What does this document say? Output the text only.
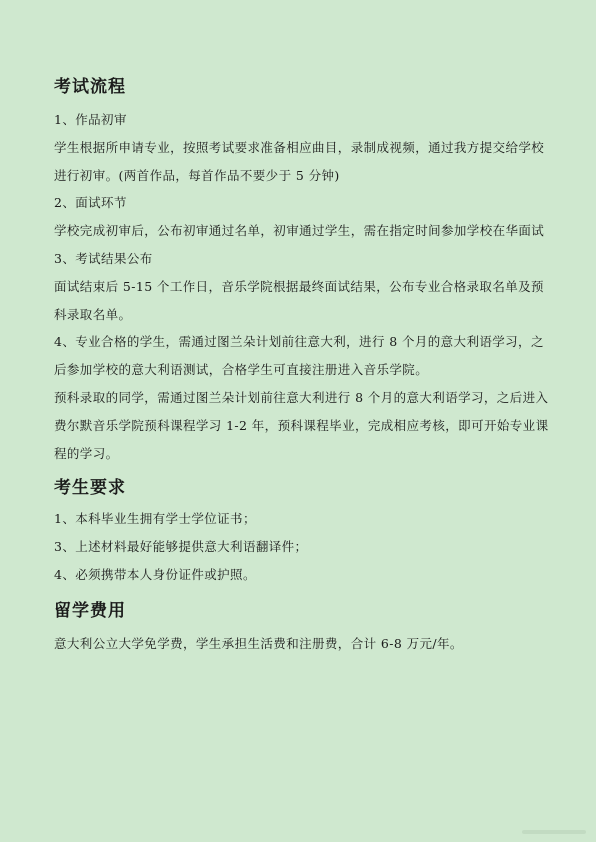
考试流程

1、作品初审

学生根据所申请专业，按照考试要求准备相应曲目，录制成视频，通过我方提交给学校进行初审。(两首作品，每首作品不要少于 5 分钟)

2、面试环节

学校完成初审后，公布初审通过名单，初审通过学生，需在指定时间参加学校在华面试

3、考试结果公布

面试结束后 5-15 个工作日，音乐学院根据最终面试结果，公布专业合格录取名单及预科录取名单。

4、专业合格的学生，需通过图兰朵计划前往意大利，进行 8 个月的意大利语学习，之后参加学校的意大利语测试，合格学生可直接注册进入音乐学院。

预科录取的同学，需通过图兰朵计划前往意大利进行 8 个月的意大利语学习，之后进入费尔默音乐学院预科课程学习 1-2 年，预科课程毕业，完成相应考核，即可开始专业课程的学习。

考生要求

1、本科毕业生拥有学士学位证书；

3、上述材料最好能够提供意大利语翻译件；

4、必须携带本人身份证件或护照。

留学费用

意大利公立大学免学费，学生承担生活费和注册费，合计 6-8 万元/年。
